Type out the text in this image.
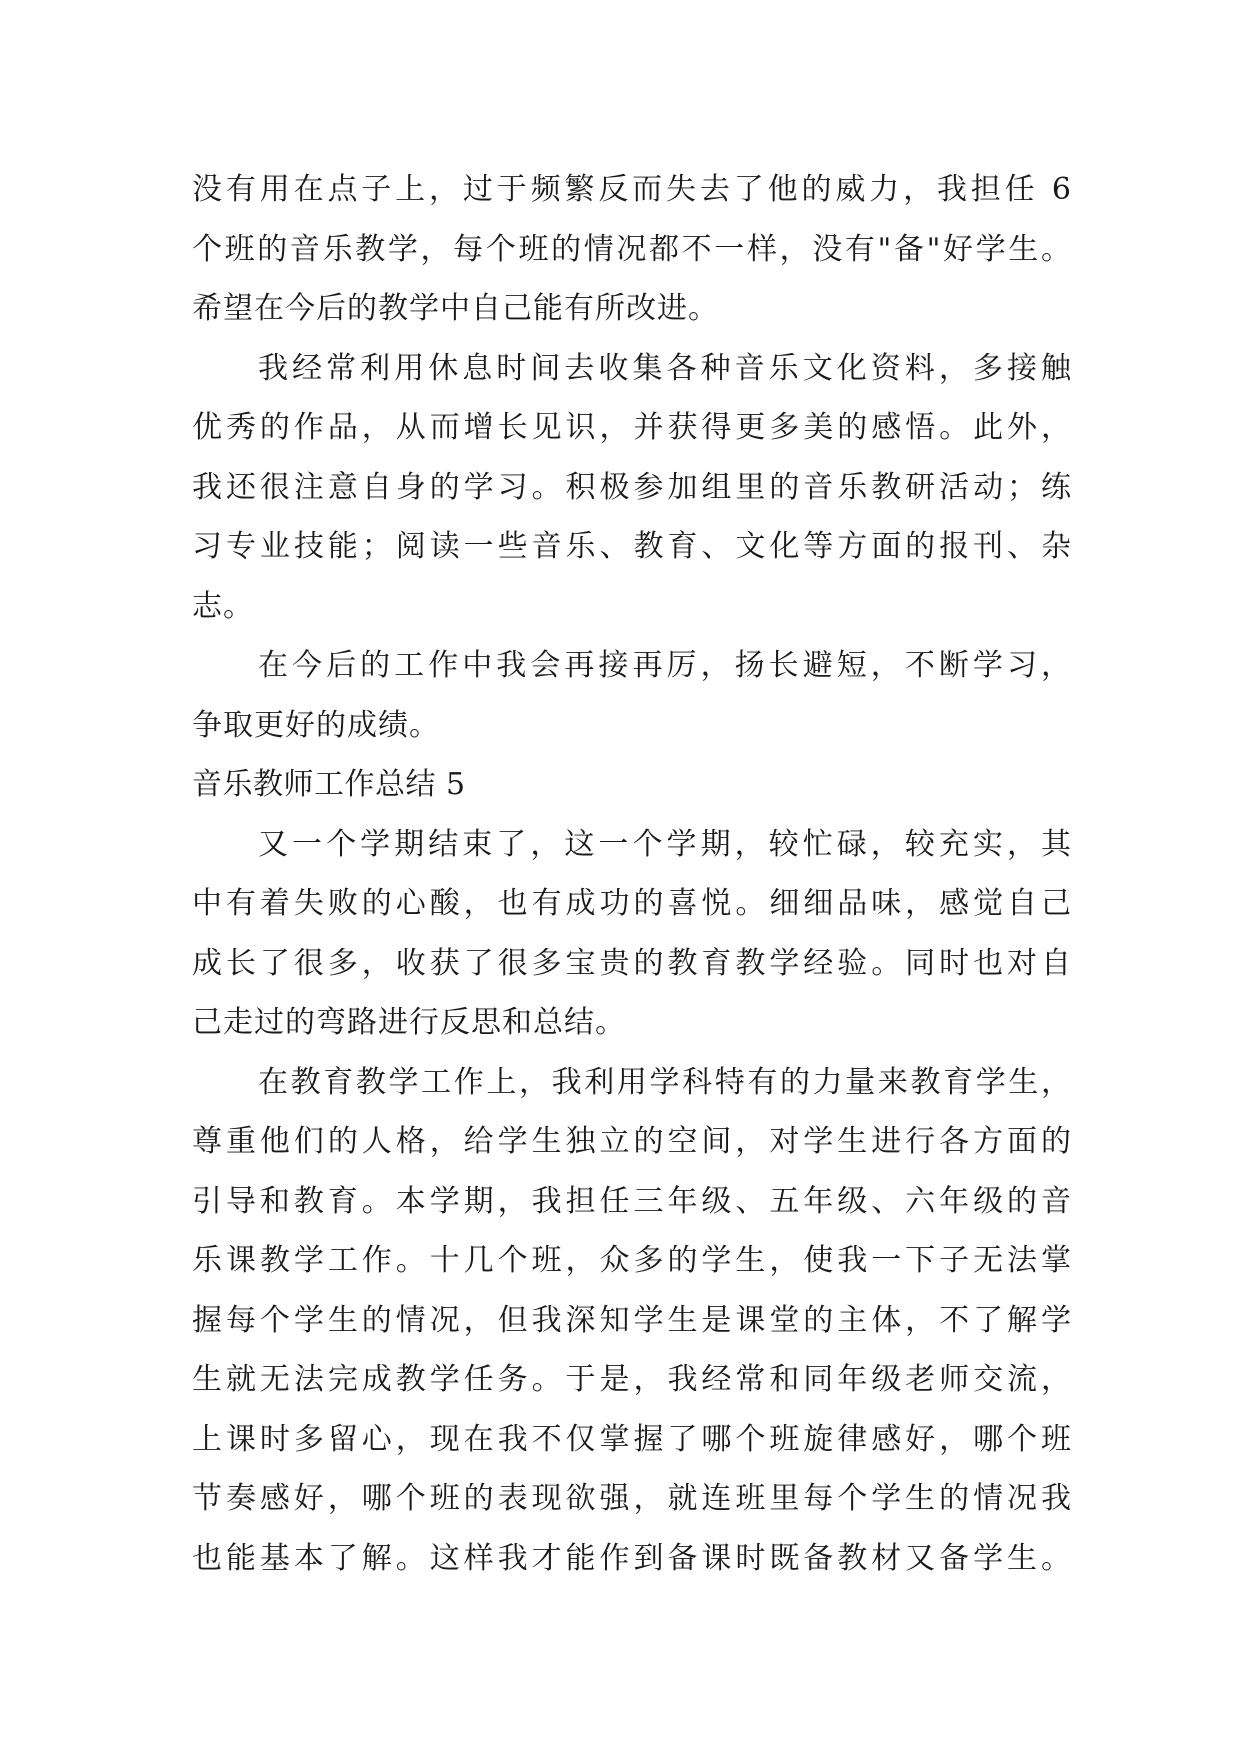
没有用在点子上，过于频繁反而失去了他的威力，我担任 6
个班的音乐教学，每个班的情况都不一样，没有"备"好学生。
希望在今后的教学中自己能有所改进。
我经常利用休息时间去收集各种音乐文化资料，多接触
优秀的作品，从而增长见识，并获得更多美的感悟。此外，
我还很注意自身的学习。积极参加组里的音乐教研活动；练
习专业技能；阅读一些音乐、教育、文化等方面的报刊、杂
志。
在今后的工作中我会再接再厉，扬长避短，不断学习，
争取更好的成绩。
音乐教师工作总结 5
又一个学期结束了，这一个学期，较忙碌，较充实，其
中有着失败的心酸，也有成功的喜悦。细细品味，感觉自己
成长了很多，收获了很多宝贵的教育教学经验。同时也对自
己走过的弯路进行反思和总结。
在教育教学工作上，我利用学科特有的力量来教育学生，
尊重他们的人格，给学生独立的空间，对学生进行各方面的
引导和教育。本学期，我担任三年级、五年级、六年级的音
乐课教学工作。十几个班，众多的学生，使我一下子无法掌
握每个学生的情况，但我深知学生是课堂的主体，不了解学
生就无法完成教学任务。于是，我经常和同年级老师交流，
上课时多留心，现在我不仅掌握了哪个班旋律感好，哪个班
节奏感好，哪个班的表现欲强，就连班里每个学生的情况我
也能基本了解。这样我才能作到备课时既备教材又备学生。
